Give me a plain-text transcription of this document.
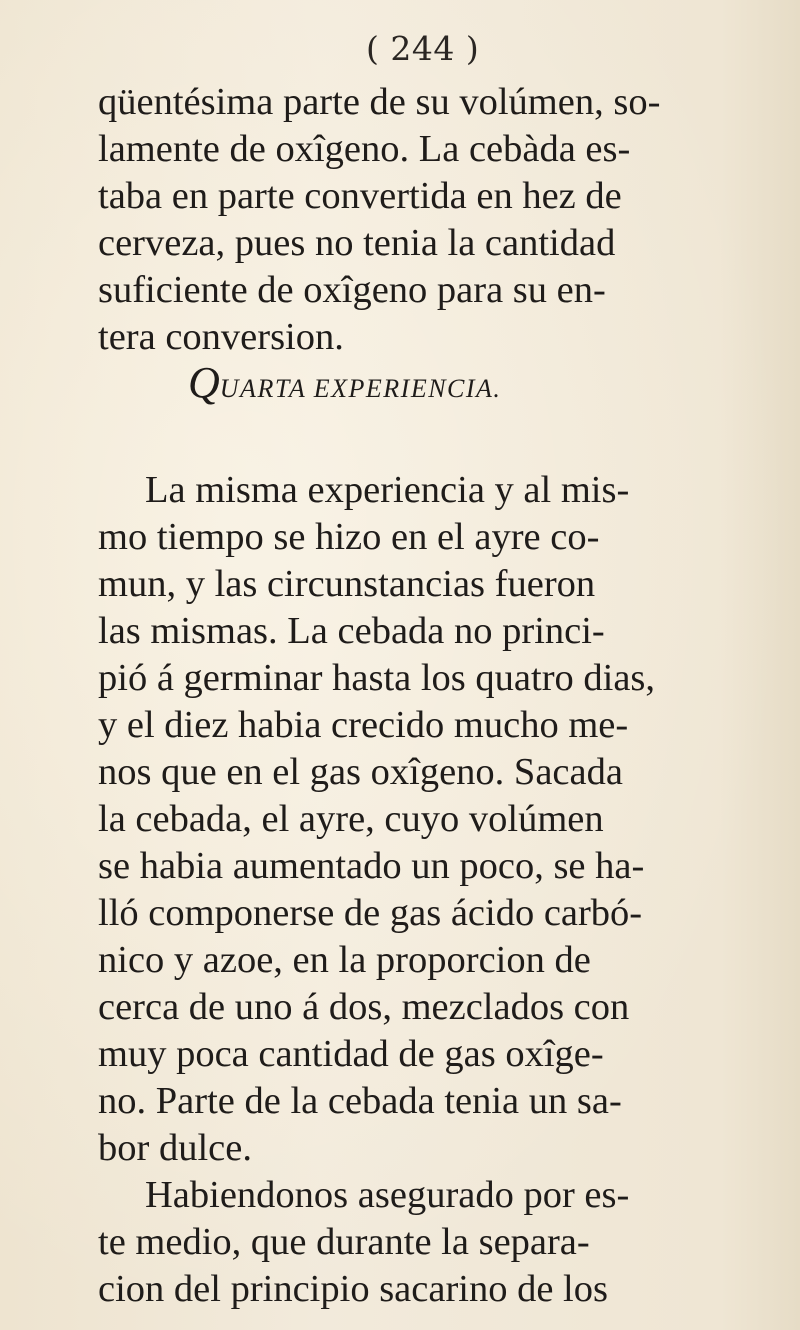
( 244 )
qüentésima parte de su volúmen, so-
lamente de oxîgeno. La cebàda es-
taba en parte convertida en hez de
cerveza, pues no tenia la cantidad
suficiente de oxîgeno para su en-
tera conversion.
QUARTA EXPERIENCIA.
La misma experiencia y al mis-
mo tiempo se hizo en el ayre co-
mun, y las circunstancias fueron
las mismas. La cebada no princi-
pió á germinar hasta los quatro dias,
y el diez habia crecido mucho me-
nos que en el gas oxîgeno. Sacada
la cebada, el ayre, cuyo volúmen
se habia aumentado un poco, se ha-
lló componerse de gas ácido carbó-
nico y azoe, en la proporcion de
cerca de uno á dos, mezclados con
muy poca cantidad de gas oxîge-
no. Parte de la cebada tenia un sa-
bor dulce.
Habiendonos asegurado por es-
te medio, que durante la separa-
cion del principio sacarino de los
